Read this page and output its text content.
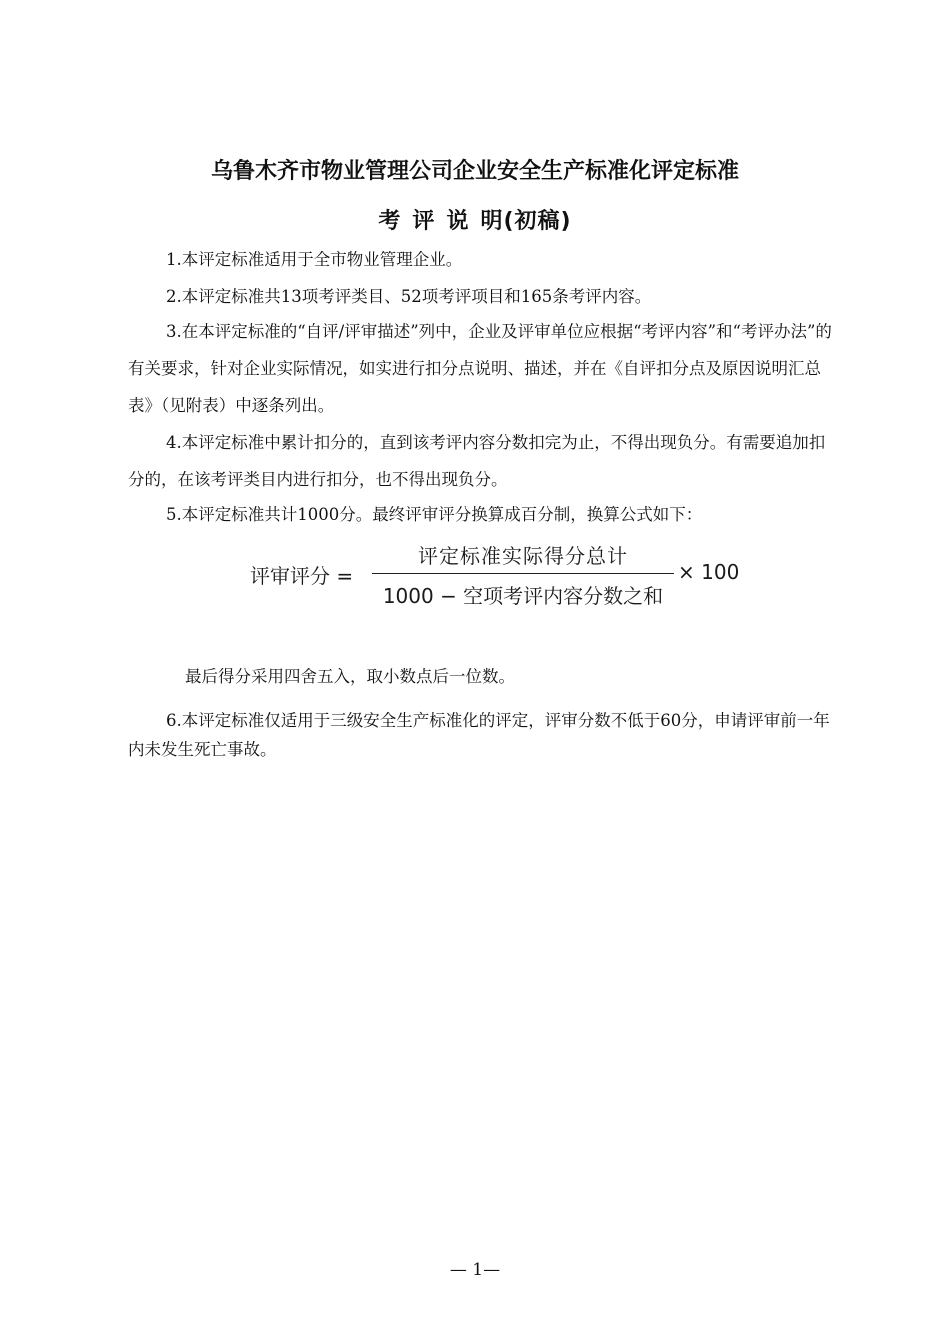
乌鲁木齐市物业管理公司企业安全生产标准化评定标准
考 评 说 明(初稿)

1.本评定标准适用于全市物业管理企业。

2.本评定标准共13项考评类目、52项考评项目和165条考评内容。

3.在本评定标准的“自评/评审描述”列中，企业及评审单位应根据“考评内容”和“考评办法”的有关要求，针对企业实际情况，如实进行扣分点说明、描述，并在《自评扣分点及原因说明汇总表》（见附表）中逐条列出。

4.本评定标准中累计扣分的，直到该考评内容分数扣完为止，不得出现负分。有需要追加扣分的，在该考评类目内进行扣分，也不得出现负分。

5.本评定标准共计1000分。最终评审评分换算成百分制，换算公式如下：

评审评分 =
评定标准实际得分总计
1000 − 空项考评内容分数之和
× 100

最后得分采用四舍五入，取小数点后一位数。

6.本评定标准仅适用于三级安全生产标准化的评定，评审分数不低于60分，申请评审前一年内未发生死亡事故。

— 1—
